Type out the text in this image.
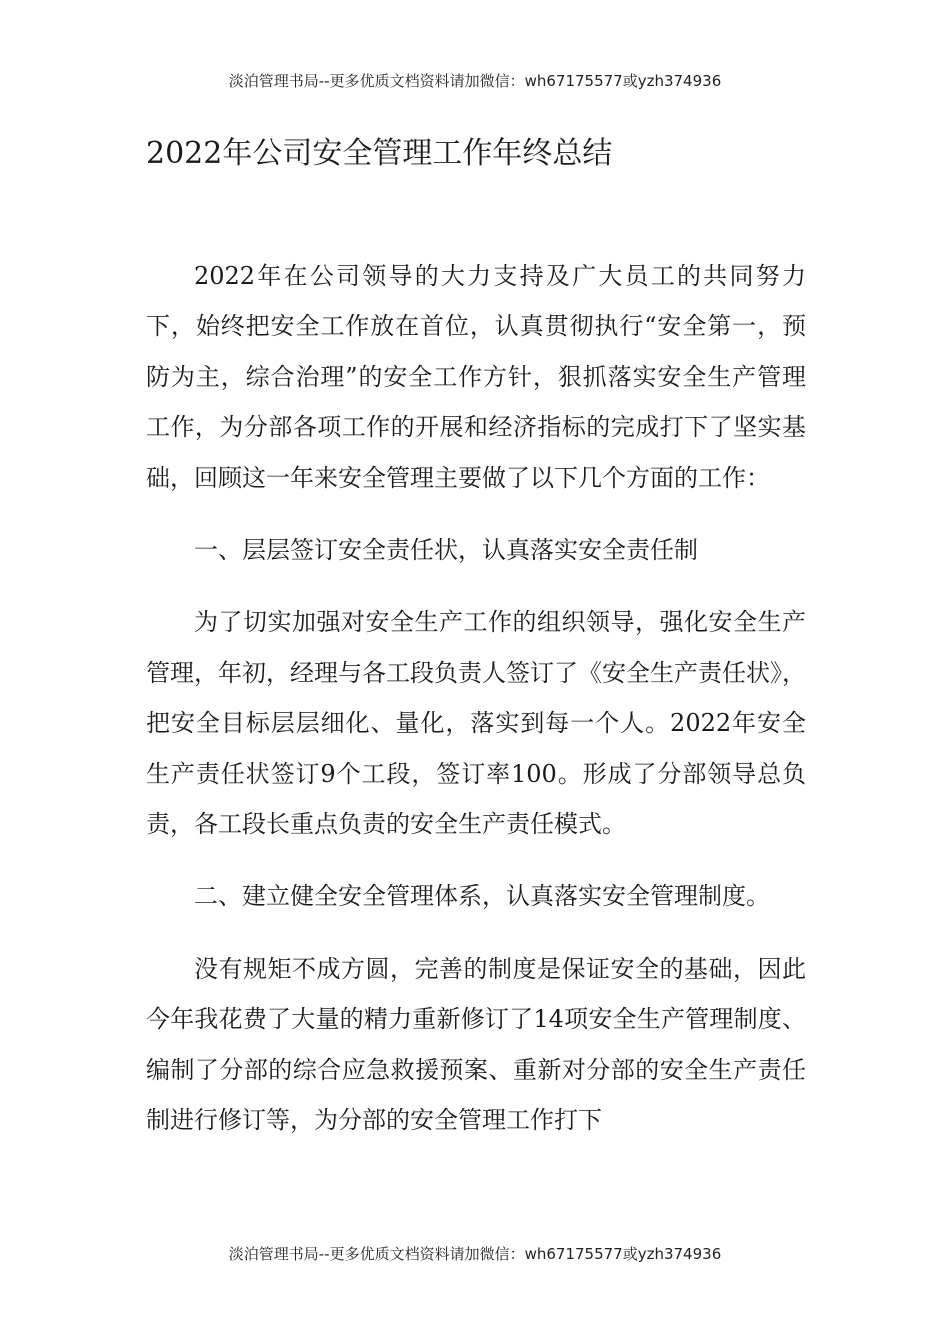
淡泊管理书局--更多优质文档资料请加微信：wh67175577或yzh374936
2022年公司安全管理工作年终总结

2022年在公司领导的大力支持及广大员工的共同努力下，始终把安全工作放在首位，认真贯彻执行“安全第一，预防为主，综合治理”的安全工作方针，狠抓落实安全生产管理工作，为分部各项工作的开展和经济指标的完成打下了坚实基础，回顾这一年来安全管理主要做了以下几个方面的工作：

一、层层签订安全责任状，认真落实安全责任制

为了切实加强对安全生产工作的组织领导，强化安全生产管理，年初，经理与各工段负责人签订了《安全生产责任状》，把安全目标层层细化、量化，落实到每一个人。2022年安全生产责任状签订9个工段，签订率100。形成了分部领导总负责，各工段长重点负责的安全生产责任模式。

二、建立健全安全管理体系，认真落实安全管理制度。

没有规矩不成方圆，完善的制度是保证安全的基础，因此今年我花费了大量的精力重新修订了14项安全生产管理制度、编制了分部的综合应急救援预案、重新对分部的安全生产责任制进行修订等，为分部的安全管理工作打下

淡泊管理书局--更多优质文档资料请加微信：wh67175577或yzh374936
